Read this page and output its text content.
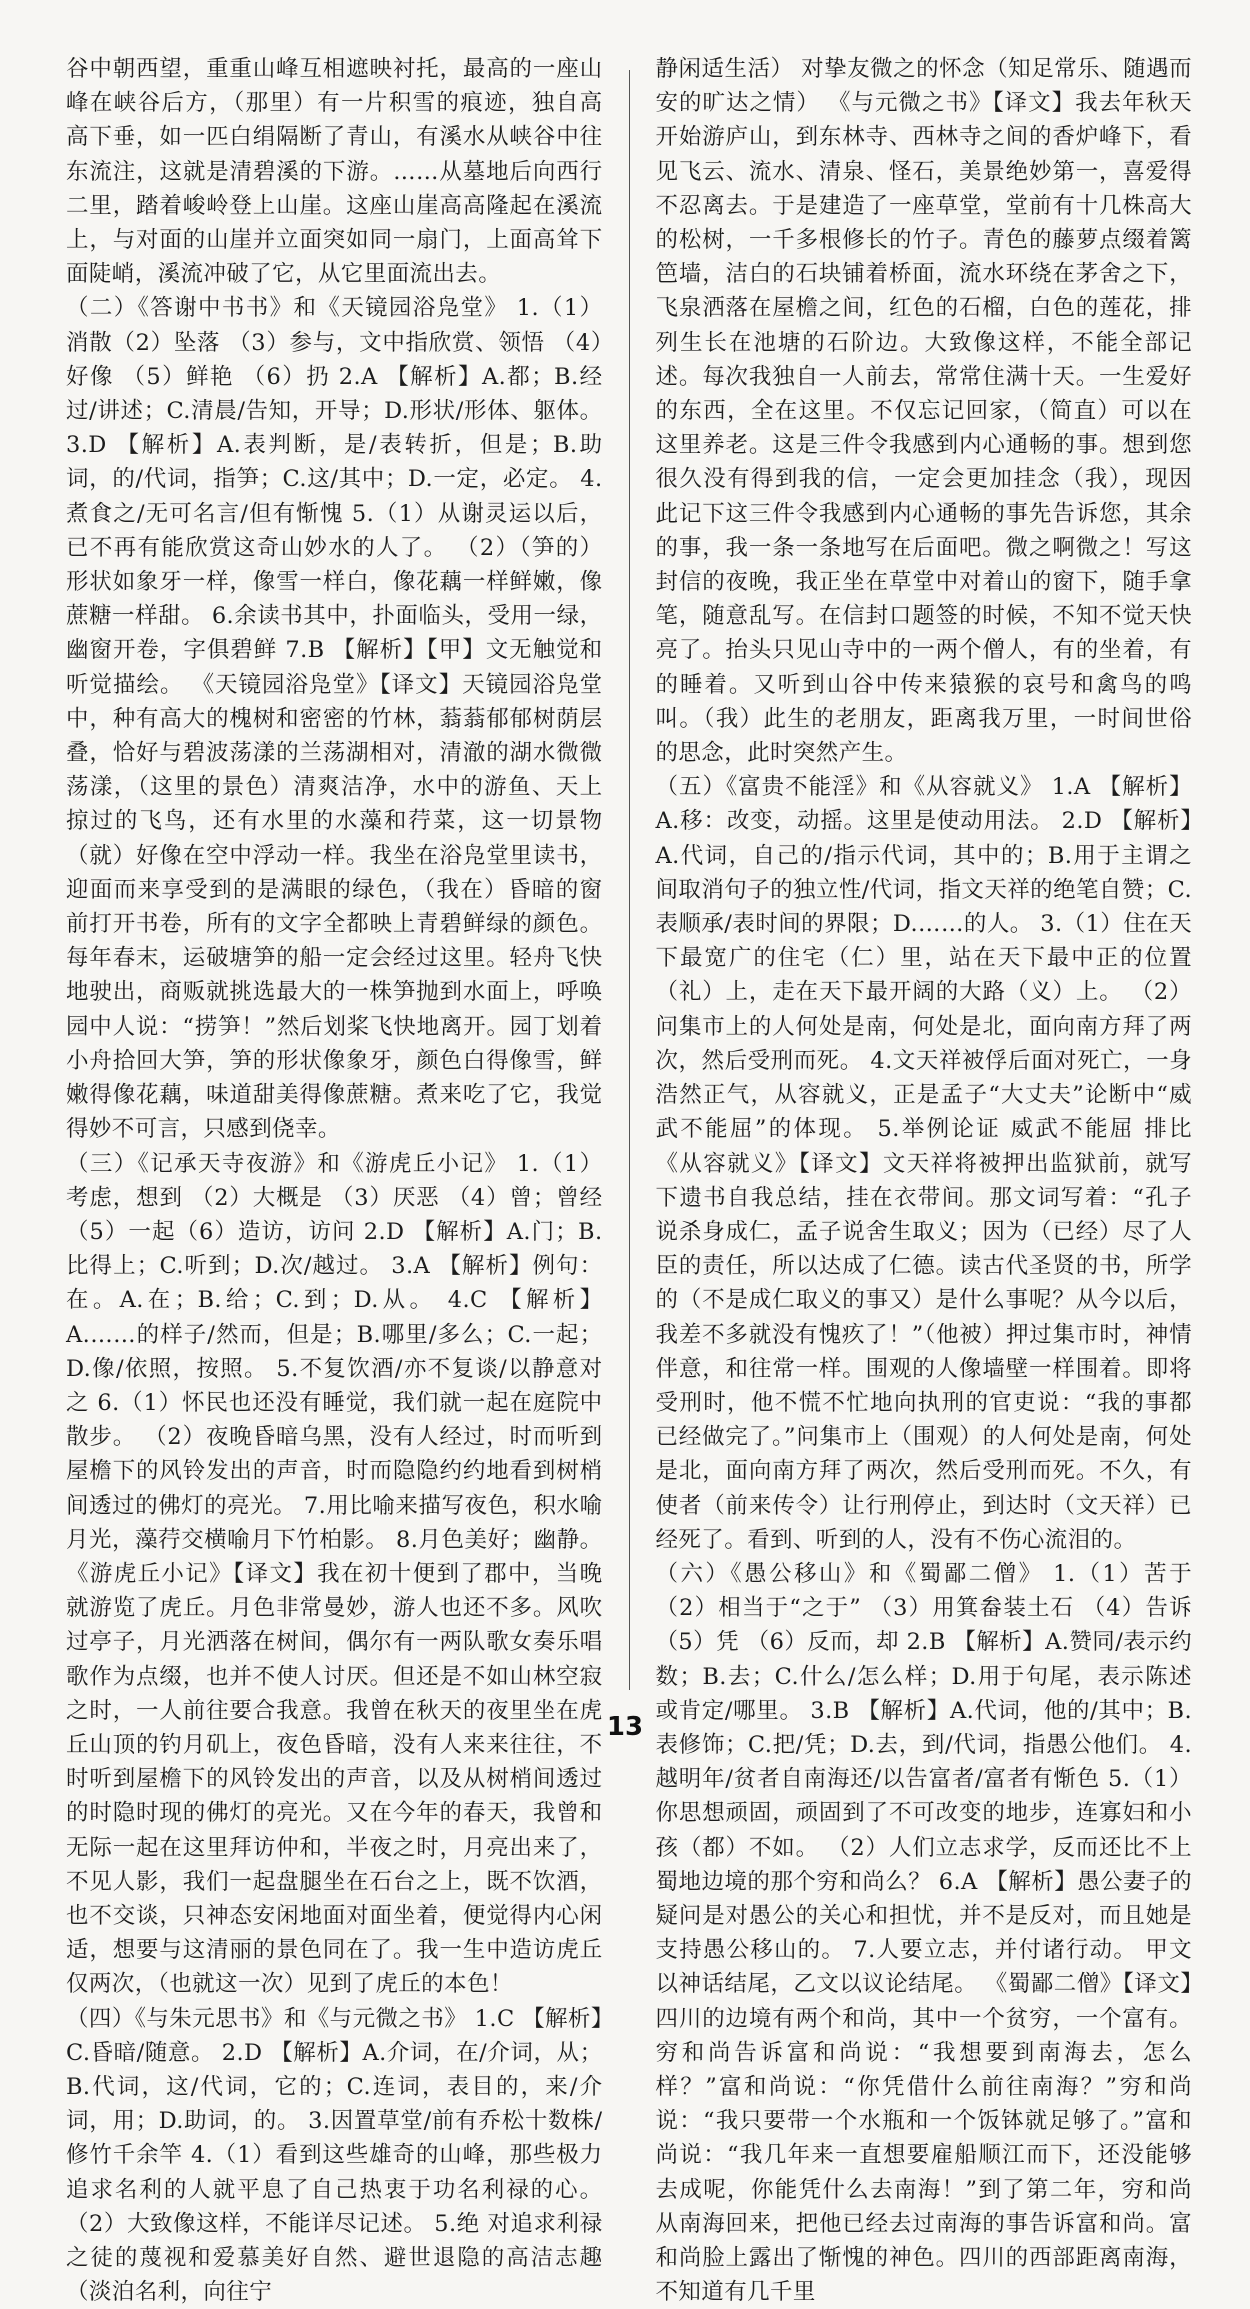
谷中朝西望，重重山峰互相遮映衬托，最高的一座山峰在峡谷后方，（那里）有一片积雪的痕迹，独自高高下垂，如一匹白绢隔断了青山，有溪水从峡谷中往东流注，这就是清碧溪的下游。……从墓地后向西行二里，踏着峻岭登上山崖。这座山崖高高隆起在溪流上，与对面的山崖并立面突如同一扇门，上面高耸下面陡峭，溪流冲破了它，从它里面流出去。

（二）《答谢中书书》和《天镜园浴凫堂》 1.（1）消散（2）坠落 （3）参与，文中指欣赏、领悟 （4）好像 （5）鲜艳 （6）扔 2.A 【解析】A.都；B.经过/讲述；C.清晨/告知，开导；D.形状/形体、躯体。 3.D 【解析】A.表判断，是/表转折，但是；B.助词，的/代词，指笋；C.这/其中；D.一定，必定。 4.煮食之/无可名言/但有惭愧 5.（1）从谢灵运以后，已不再有能欣赏这奇山妙水的人了。 （2）（笋的）形状如象牙一样，像雪一样白，像花藕一样鲜嫩，像蔗糖一样甜。 6.余读书其中，扑面临头，受用一绿，幽窗开卷，字俱碧鲜 7.B 【解析】【甲】文无触觉和听觉描绘。 《天镜园浴凫堂》【译文】天镜园浴凫堂中，种有高大的槐树和密密的竹林，蓊蓊郁郁树荫层叠，恰好与碧波荡漾的兰荡湖相对，清澈的湖水微微荡漾，（这里的景色）清爽洁净，水中的游鱼、天上掠过的飞鸟，还有水里的水藻和荇菜，这一切景物（就）好像在空中浮动一样。我坐在浴凫堂里读书，迎面而来享受到的是满眼的绿色，（我在）昏暗的窗前打开书卷，所有的文字全都映上青碧鲜绿的颜色。每年春末，运破塘笋的船一定会经过这里。轻舟飞快地驶出，商贩就挑选最大的一株笋抛到水面上，呼唤园中人说：“捞笋！”然后划桨飞快地离开。园丁划着小舟拾回大笋，笋的形状像象牙，颜色白得像雪，鲜嫩得像花藕，味道甜美得像蔗糖。煮来吃了它，我觉得妙不可言，只感到侥幸。

（三）《记承天寺夜游》和《游虎丘小记》 1.（1）考虑，想到 （2）大概是 （3）厌恶 （4）曾；曾经 （5）一起（6）造访，访问 2.D 【解析】A.门；B.比得上；C.听到；D.次/越过。 3.A 【解析】例句：在。A.在；B.给；C.到；D.从。 4.C 【解析】A.……的样子/然而，但是；B.哪里/多么；C.一起；D.像/依照，按照。 5.不复饮酒/亦不复谈/以静意对之 6.（1）怀民也还没有睡觉，我们就一起在庭院中散步。 （2）夜晚昏暗乌黑，没有人经过，时而听到屋檐下的风铃发出的声音，时而隐隐约约地看到树梢间透过的佛灯的亮光。 7.用比喻来描写夜色，积水喻月光，藻荇交横喻月下竹柏影。 8.月色美好；幽静。 《游虎丘小记》【译文】我在初十便到了郡中，当晚就游览了虎丘。月色非常曼妙，游人也还不多。风吹过亭子，月光洒落在树间，偶尔有一两队歌女奏乐唱歌作为点缀，也并不使人讨厌。但还是不如山林空寂之时，一人前往要合我意。我曾在秋天的夜里坐在虎丘山顶的钓月矶上，夜色昏暗，没有人来来往往，不时听到屋檐下的风铃发出的声音，以及从树梢间透过的时隐时现的佛灯的亮光。又在今年的春天，我曾和无际一起在这里拜访仲和，半夜之时，月亮出来了，不见人影，我们一起盘腿坐在石台之上，既不饮酒，也不交谈，只神态安闲地面对面坐着，便觉得内心闲适，想要与这清丽的景色同在了。我一生中造访虎丘仅两次，（也就这一次）见到了虎丘的本色！

（四）《与朱元思书》和《与元微之书》 1.C 【解析】C.昏暗/随意。 2.D 【解析】A.介词，在/介词，从；B.代词，这/代词，它的；C.连词，表目的，来/介词，用；D.助词，的。 3.因置草堂/前有乔松十数株/修竹千余竿 4.（1）看到这些雄奇的山峰，那些极力追求名利的人就平息了自己热衷于功名利禄的心。 （2）大致像这样，不能详尽记述。 5.绝 对追求利禄之徒的蔑视和爱慕美好自然、避世退隐的高洁志趣（淡泊名利，向往宁

静闲适生活） 对挚友微之的怀念（知足常乐、随遇而安的旷达之情） 《与元微之书》【译文】我去年秋天开始游庐山，到东林寺、西林寺之间的香炉峰下，看见飞云、流水、清泉、怪石，美景绝妙第一，喜爱得不忍离去。于是建造了一座草堂，堂前有十几株高大的松树，一千多根修长的竹子。青色的藤萝点缀着篱笆墙，洁白的石块铺着桥面，流水环绕在茅舍之下，飞泉洒落在屋檐之间，红色的石榴，白色的莲花，排列生长在池塘的石阶边。大致像这样，不能全部记述。每次我独自一人前去，常常住满十天。一生爱好的东西，全在这里。不仅忘记回家，（简直）可以在这里养老。这是三件令我感到内心通畅的事。想到您很久没有得到我的信，一定会更加挂念（我），现因此记下这三件令我感到内心通畅的事先告诉您，其余的事，我一条一条地写在后面吧。微之啊微之！写这封信的夜晚，我正坐在草堂中对着山的窗下，随手拿笔，随意乱写。在信封口题签的时候，不知不觉天快亮了。抬头只见山寺中的一两个僧人，有的坐着，有的睡着。又听到山谷中传来猿猴的哀号和禽鸟的鸣叫。（我）此生的老朋友，距离我万里，一时间世俗的思念，此时突然产生。

（五）《富贵不能淫》和《从容就义》 1.A 【解析】A.移：改变，动摇。这里是使动用法。 2.D 【解析】A.代词，自己的/指示代词，其中的；B.用于主谓之间取消句子的独立性/代词，指文天祥的绝笔自赞；C.表顺承/表时间的界限；D.……的人。 3.（1）住在天下最宽广的住宅（仁）里，站在天下最中正的位置（礼）上，走在天下最开阔的大路（义）上。 （2）问集市上的人何处是南，何处是北，面向南方拜了两次，然后受刑而死。 4.文天祥被俘后面对死亡，一身浩然正气，从容就义，正是孟子“大丈夫”论断中“威武不能屈”的体现。 5.举例论证 威武不能屈 排比 《从容就义》【译文】文天祥将被押出监狱前，就写下遗书自我总结，挂在衣带间。那文词写着：“孔子说杀身成仁，孟子说舍生取义；因为（已经）尽了人臣的责任，所以达成了仁德。读古代圣贤的书，所学的（不是成仁取义的事又）是什么事呢？从今以后，我差不多就没有愧疚了！”（他被）押过集市时，神情伴意，和往常一样。围观的人像墙壁一样围着。即将受刑时，他不慌不忙地向执刑的官吏说：“我的事都已经做完了。”问集市上（围观）的人何处是南，何处是北，面向南方拜了两次，然后受刑而死。不久，有使者（前来传令）让行刑停止，到达时（文天祥）已经死了。看到、听到的人，没有不伤心流泪的。

（六）《愚公移山》和《蜀鄙二僧》 1.（1）苦于 （2）相当于“之于” （3）用箕畚装土石 （4）告诉 （5）凭 （6）反而，却 2.B 【解析】A.赞同/表示约数；B.去；C.什么/怎么样；D.用于句尾，表示陈述或肯定/哪里。 3.B 【解析】A.代词，他的/其中；B.表修饰；C.把/凭；D.去，到/代词，指愚公他们。 4.越明年/贫者自南海还/以告富者/富者有惭色 5.（1）你思想顽固，顽固到了不可改变的地步，连寡妇和小孩（都）不如。 （2）人们立志求学，反而还比不上蜀地边境的那个穷和尚么？ 6.A 【解析】愚公妻子的疑问是对愚公的关心和担忧，并不是反对，而且她是支持愚公移山的。 7.人要立志，并付诸行动。 甲文以神话结尾，乙文以议论结尾。 《蜀鄙二僧》【译文】四川的边境有两个和尚，其中一个贫穷，一个富有。穷和尚告诉富和尚说：“我想要到南海去，怎么样？”富和尚说：“你凭借什么前往南海？”穷和尚说：“我只要带一个水瓶和一个饭钵就足够了。”富和尚说：“我几年来一直想要雇船顺江而下，还没能够去成呢，你能凭什么去南海！”到了第二年，穷和尚从南海回来，把他已经去过南海的事告诉富和尚。富和尚脸上露出了惭愧的神色。四川的西部距离南海，不知道有几千里

13
